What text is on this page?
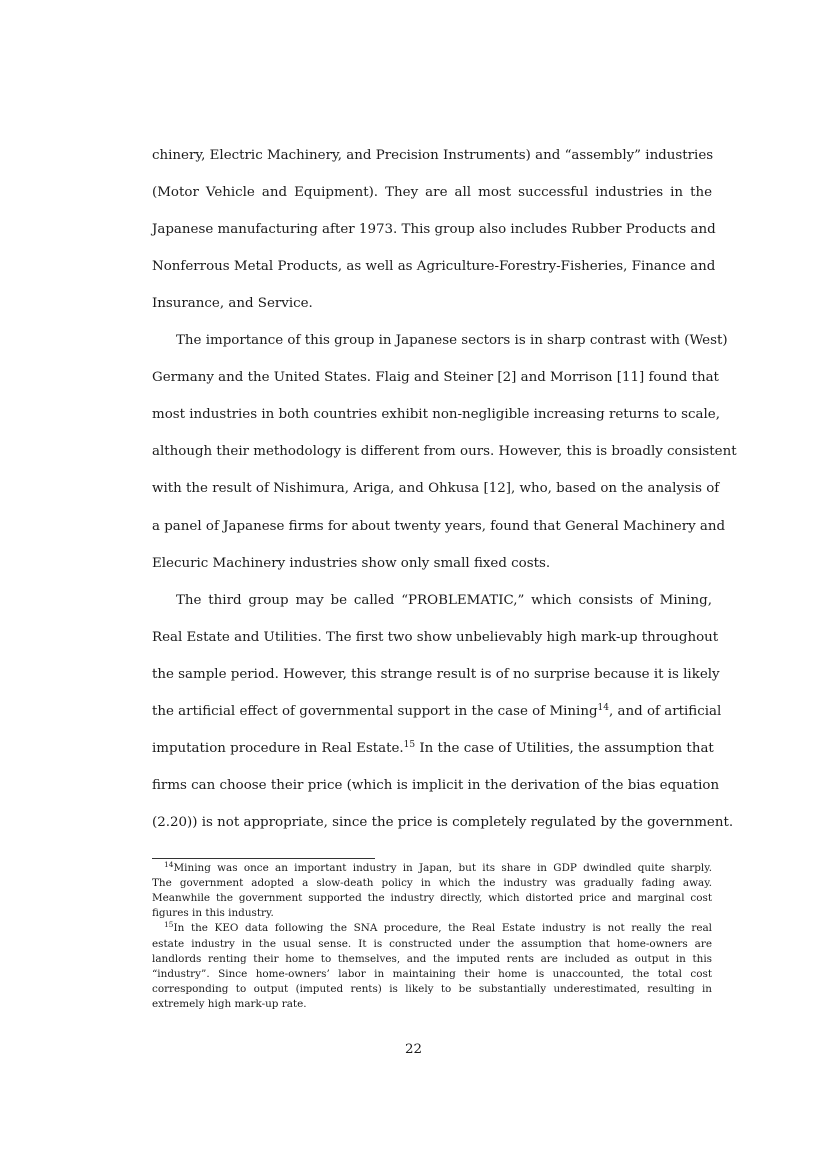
chinery, Electric Machinery, and Precision Instruments) and “assembly” industries
(Motor Vehicle and Equipment). They are all most successful industries in the
Japanese manufacturing after 1973. This group also includes Rubber Products and
Nonferrous Metal Products, as well as Agriculture-Forestry-Fisheries, Finance and
Insurance, and Service.
The importance of this group in Japanese sectors is in sharp contrast with (West)
Germany and the United States. Flaig and Steiner [2] and Morrison [11] found that
most industries in both countries exhibit non-negligible increasing returns to scale,
although their methodology is different from ours. However, this is broadly consistent
with the result of Nishimura, Ariga, and Ohkusa [12], who, based on the analysis of
a panel of Japanese firms for about twenty years, found that General Machinery and
Elecuric Machinery industries show only small fixed costs.
The third group may be called “PROBLEMATIC,” which consists of Mining,
Real Estate and Utilities. The first two show unbelievably high mark-up throughout
the sample period. However, this strange result is of no surprise because it is likely
the artificial effect of governmental support in the case of Mining$^{14}$, and of artificial
imputation procedure in Real Estate.$^{15}$ In the case of Utilities, the assumption that
firms can choose their price (which is implicit in the derivation of the bias equation
(2.20)) is not appropriate, since the price is completely regulated by the government.
$^{14}$Mining was once an important industry in Japan, but its share in GDP dwindled quite sharply.
The government adopted a slow-death policy in which the industry was gradually fading away.
Meanwhile the government supported the industry directly, which distorted price and marginal cost
figures in this industry.
$^{15}$In the KEO data following the SNA procedure, the Real Estate industry is not really the real
estate industry in the usual sense. It is constructed under the assumption that home-owners are
landlords renting their home to themselves, and the imputed rents are included as output in this
“industry”. Since home-owners’ labor in maintaining their home is unaccounted, the total cost
corresponding to output (imputed rents) is likely to be substantially underestimated, resulting in
extremely high mark-up rate.
22
